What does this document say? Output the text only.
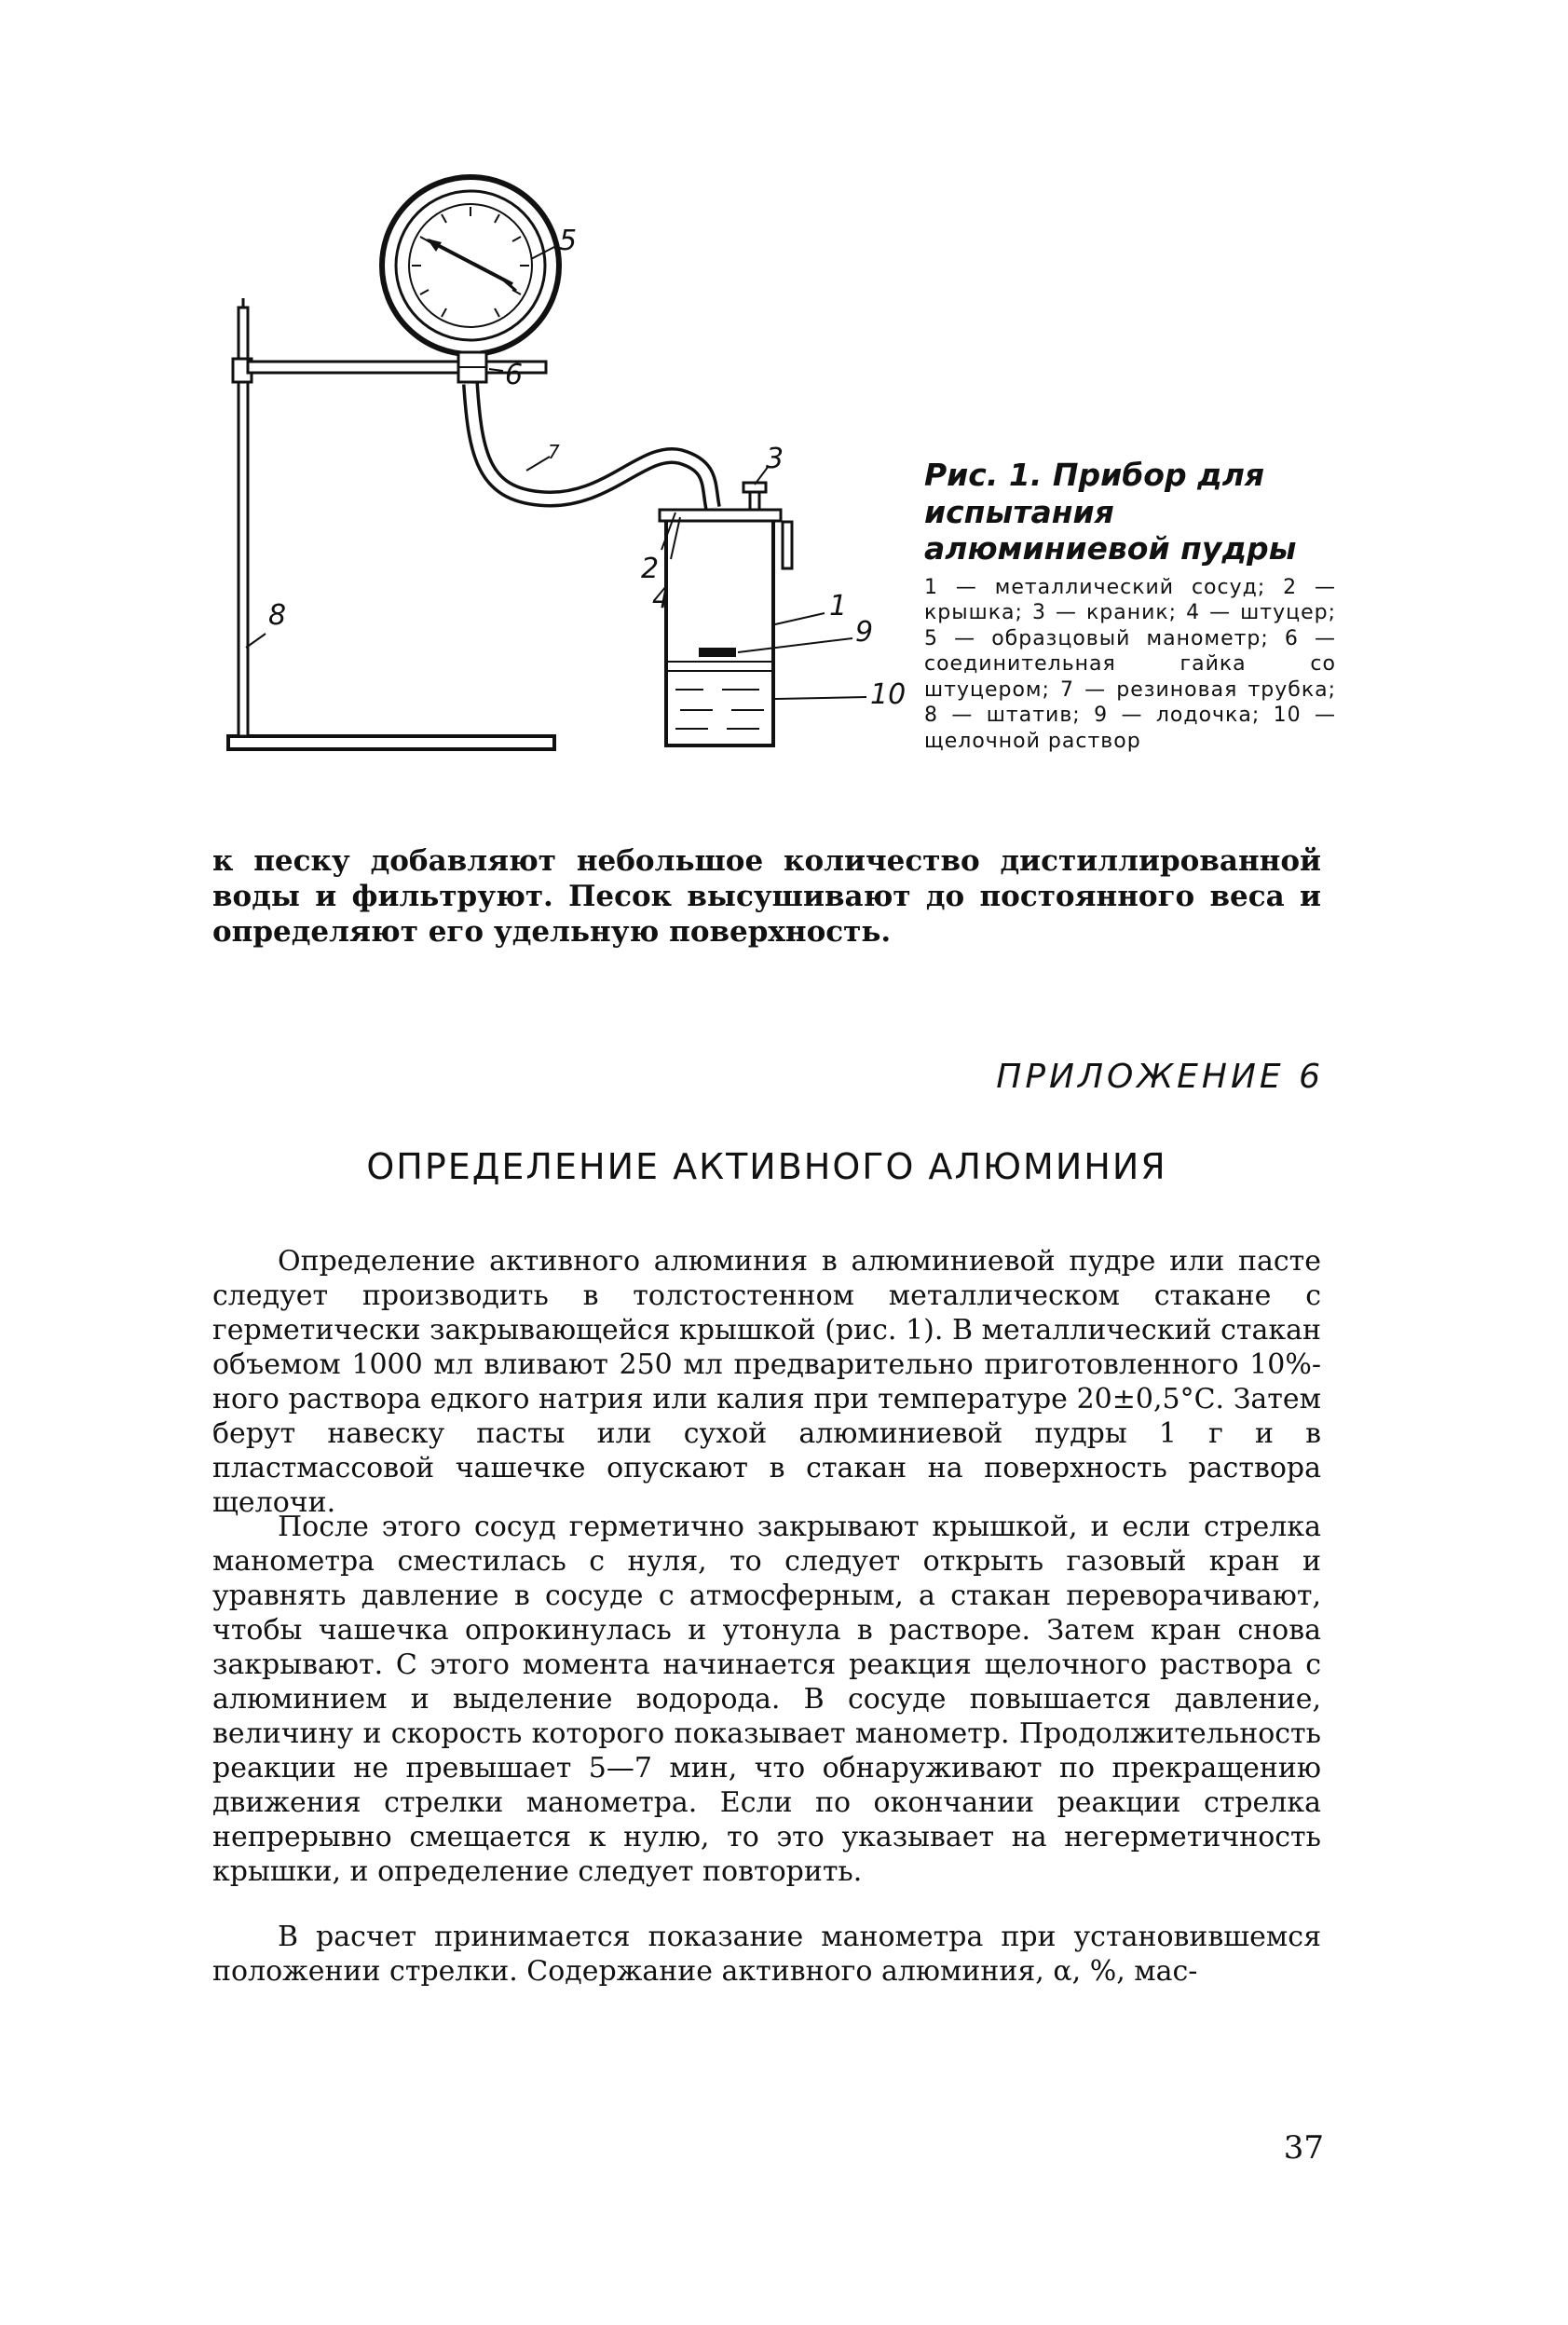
5
6
7	3
2
4	1
9
10
8

Рис. 1. Прибор для испытания алюминиевой пудры

1 — металлический сосуд; 2 — крышка; 3 — краник; 4 — штуцер; 5 — образцовый манометр; 6 — соединительная гайка со штуцером; 7 — резиновая трубка; 8 — штатив; 9 — лодочка; 10 — щелочной раствор

к песку добавляют небольшое количество дистиллированной воды и фильтруют. Песок высушивают до постоянного веса и определяют его удельную поверхность.

ПРИЛОЖЕНИЕ 6

ОПРЕДЕЛЕНИЕ АКТИВНОГО АЛЮМИНИЯ

Определение активного алюминия в алюминиевой пудре или пасте следует производить в толстостенном металлическом стакане с герметически закрывающейся крышкой (рис. 1). В металлический стакан объемом 1000 мл вливают 250 мл предварительно приготовленного 10%-ного раствора едкого натрия или калия при температуре 20±0,5°С. Затем берут навеску пасты или сухой алюминиевой пудры 1 г и в пластмассовой чашечке опускают в стакан на поверхность раствора щелочи.

После этого сосуд герметично закрывают крышкой, и если стрелка манометра сместилась с нуля, то следует открыть газовый кран и уравнять давление в сосуде с атмосферным, а стакан переворачивают, чтобы чашечка опрокинулась и утонула в растворе. Затем кран снова закрывают. С этого момента начинается реакция щелочного раствора с алюминием и выделение водорода. В сосуде повышается давление, величину и скорость которого показывает манометр. Продолжительность реакции не превышает 5—7 мин, что обнаруживают по прекращению движения стрелки манометра. Если по окончании реакции стрелка непрерывно смещается к нулю, то это указывает на негерметичность крышки, и определение следует повторить.

В расчет принимается показание манометра при установившемся положении стрелки. Содержание активного алюминия, α, %, мас-

37
